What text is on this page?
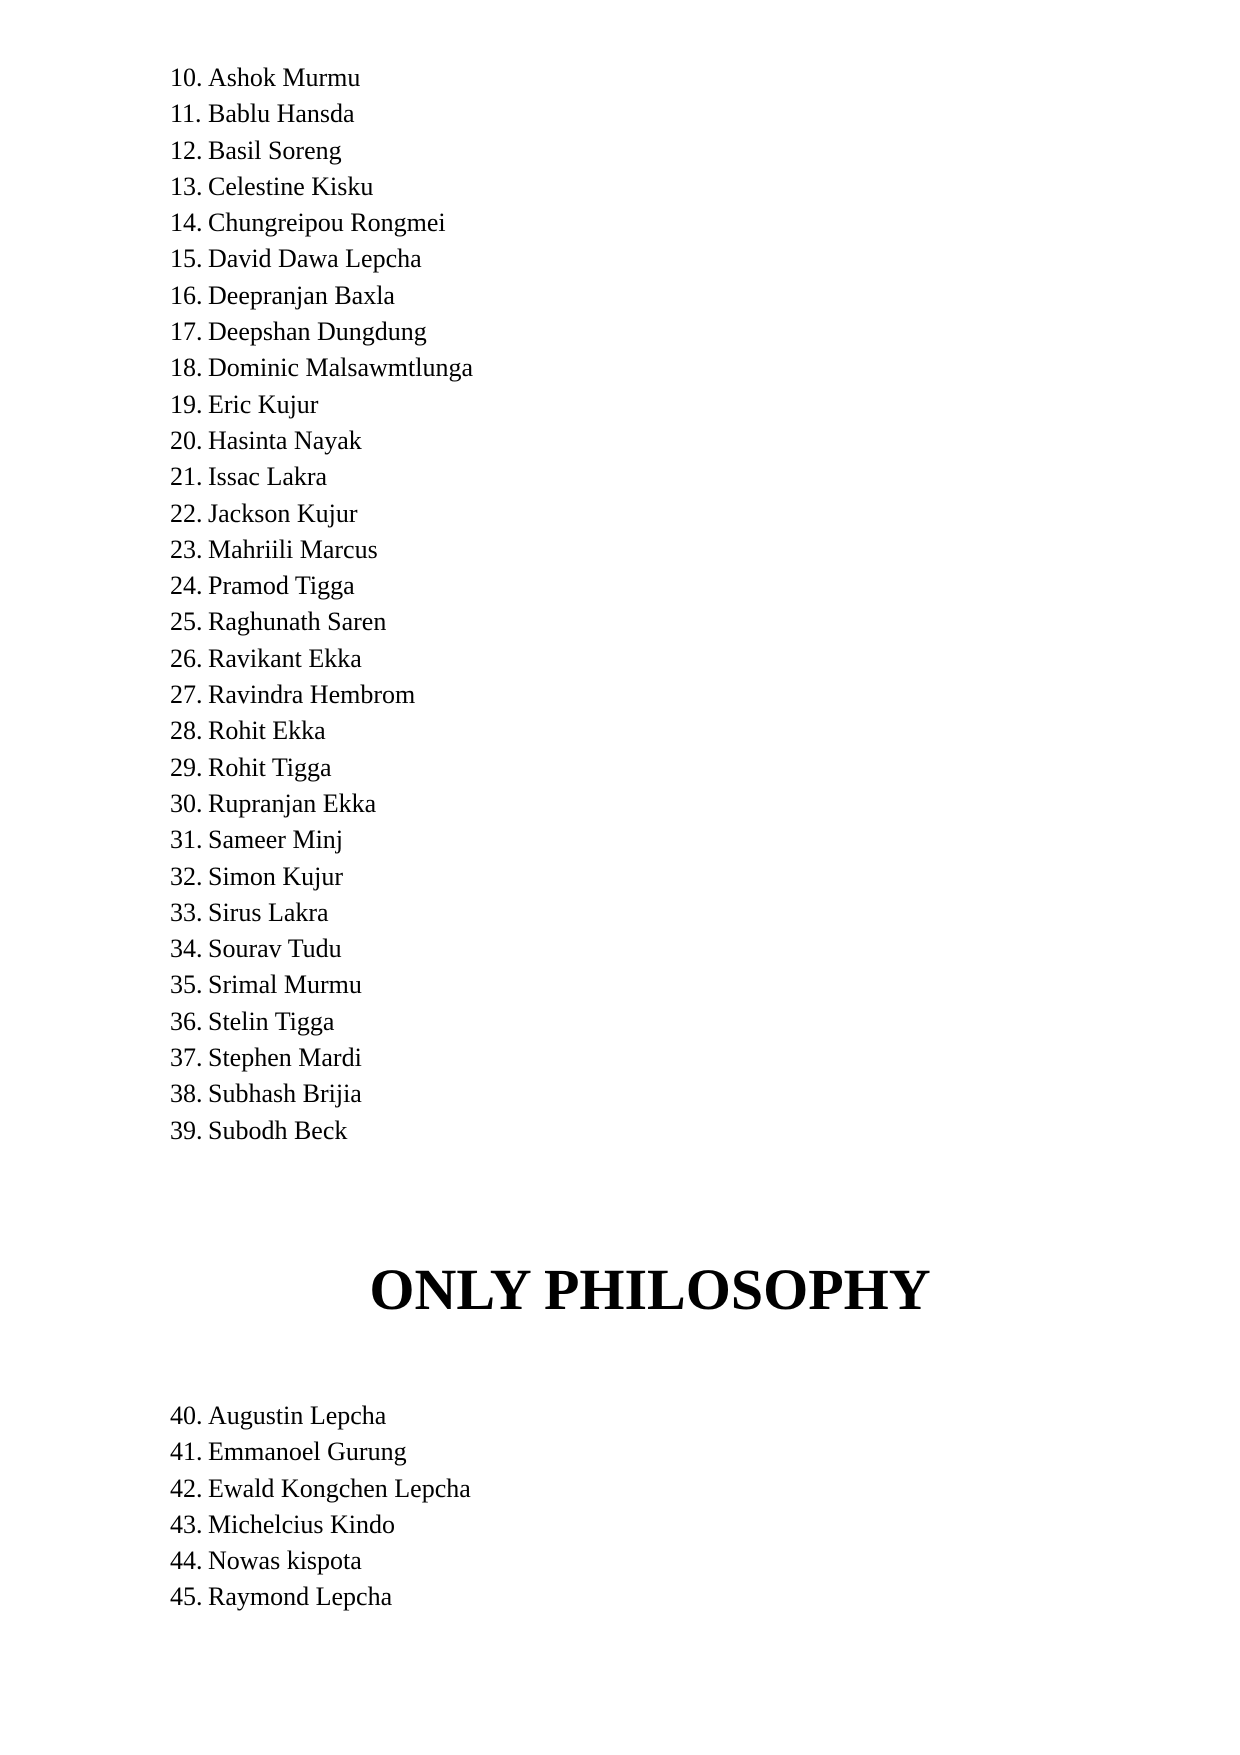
10. Ashok Murmu
11. Bablu Hansda
12. Basil Soreng
13. Celestine Kisku
14. Chungreipou Rongmei
15. David Dawa Lepcha
16. Deepranjan Baxla
17. Deepshan Dungdung
18. Dominic Malsawmtlunga
19. Eric Kujur
20. Hasinta Nayak
21. Issac Lakra
22. Jackson Kujur
23. Mahriili Marcus
24. Pramod Tigga
25. Raghunath Saren
26. Ravikant Ekka
27. Ravindra Hembrom
28. Rohit Ekka
29. Rohit Tigga
30. Rupranjan Ekka
31. Sameer Minj
32. Simon Kujur
33. Sirus Lakra
34. Sourav Tudu
35. Srimal Murmu
36. Stelin Tigga
37. Stephen Mardi
38. Subhash Brijia
39. Subodh Beck
ONLY PHILOSOPHY
40. Augustin Lepcha
41. Emmanoel Gurung
42. Ewald Kongchen Lepcha
43. Michelcius Kindo
44. Nowas kispota
45. Raymond Lepcha
